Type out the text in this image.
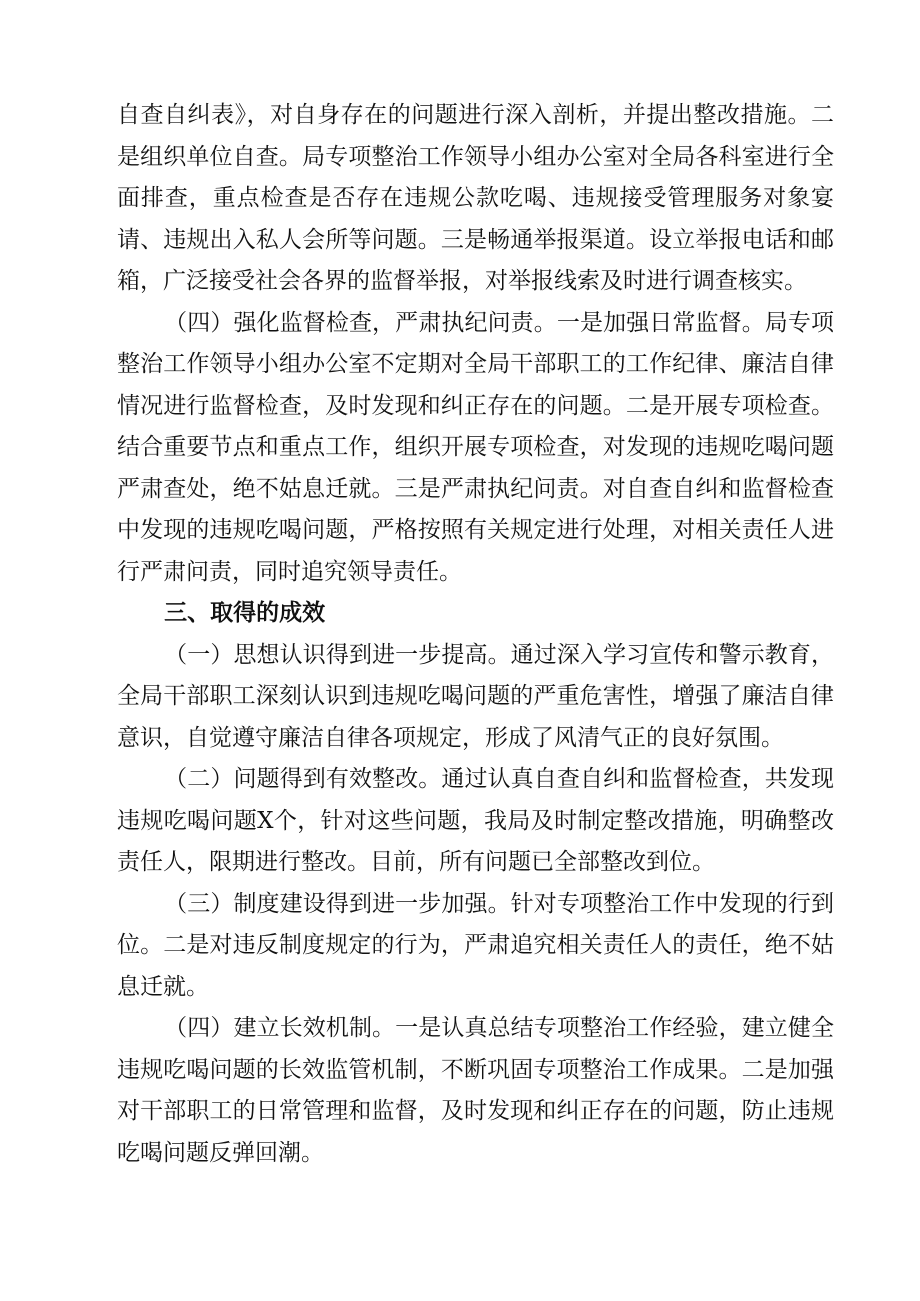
自查自纠表》，对自身存在的问题进行深入剖析，并提出整改措施。二是组织单位自查。局专项整治工作领导小组办公室对全局各科室进行全面排查，重点检查是否存在违规公款吃喝、违规接受管理服务对象宴请、违规出入私人会所等问题。三是畅通举报渠道。设立举报电话和邮箱，广泛接受社会各界的监督举报，对举报线索及时进行调查核实。

（四）强化监督检查，严肃执纪问责。一是加强日常监督。局专项整治工作领导小组办公室不定期对全局干部职工的工作纪律、廉洁自律情况进行监督检查，及时发现和纠正存在的问题。二是开展专项检查。结合重要节点和重点工作，组织开展专项检查，对发现的违规吃喝问题严肃查处，绝不姑息迁就。三是严肃执纪问责。对自查自纠和监督检查中发现的违规吃喝问题，严格按照有关规定进行处理，对相关责任人进行严肃问责，同时追究领导责任。

三、取得的成效

（一）思想认识得到进一步提高。通过深入学习宣传和警示教育，全局干部职工深刻认识到违规吃喝问题的严重危害性，增强了廉洁自律意识，自觉遵守廉洁自律各项规定，形成了风清气正的良好氛围。

（二）问题得到有效整改。通过认真自查自纠和监督检查，共发现违规吃喝问题X个，针对这些问题，我局及时制定整改措施，明确整改责任人，限期进行整改。目前，所有问题已全部整改到位。

（三）制度建设得到进一步加强。针对专项整治工作中发现的行到位。二是对违反制度规定的行为，严肃追究相关责任人的责任，绝不姑息迁就。

（四）建立长效机制。一是认真总结专项整治工作经验，建立健全违规吃喝问题的长效监管机制，不断巩固专项整治工作成果。二是加强对干部职工的日常管理和监督，及时发现和纠正存在的问题，防止违规吃喝问题反弹回潮。
